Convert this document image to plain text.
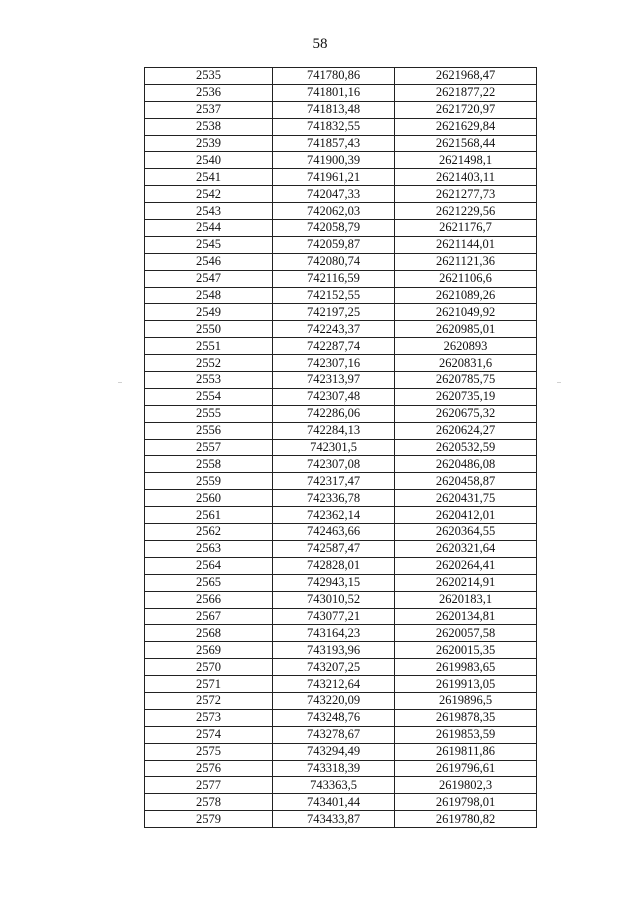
58
..	..
2535	741780,86	2621968,47
2536	741801,16	2621877,22
2537	741813,48	2621720,97
2538	741832,55	2621629,84
2539	741857,43	2621568,44
2540	741900,39	2621498,1
2541	741961,21	2621403,11
2542	742047,33	2621277,73
2543	742062,03	2621229,56
2544	742058,79	2621176,7
2545	742059,87	2621144,01
2546	742080,74	2621121,36
2547	742116,59	2621106,6
2548	742152,55	2621089,26
2549	742197,25	2621049,92
2550	742243,37	2620985,01
2551	742287,74	2620893
2552	742307,16	2620831,6
2553	742313,97	2620785,75
2554	742307,48	2620735,19
2555	742286,06	2620675,32
2556	742284,13	2620624,27
2557	742301,5	2620532,59
2558	742307,08	2620486,08
2559	742317,47	2620458,87
2560	742336,78	2620431,75
2561	742362,14	2620412,01
2562	742463,66	2620364,55
2563	742587,47	2620321,64
2564	742828,01	2620264,41
2565	742943,15	2620214,91
2566	743010,52	2620183,1
2567	743077,21	2620134,81
2568	743164,23	2620057,58
2569	743193,96	2620015,35
2570	743207,25	2619983,65
2571	743212,64	2619913,05
2572	743220,09	2619896,5
2573	743248,76	2619878,35
2574	743278,67	2619853,59
2575	743294,49	2619811,86
2576	743318,39	2619796,61
2577	743363,5	2619802,3
2578	743401,44	2619798,01
2579	743433,87	2619780,82
